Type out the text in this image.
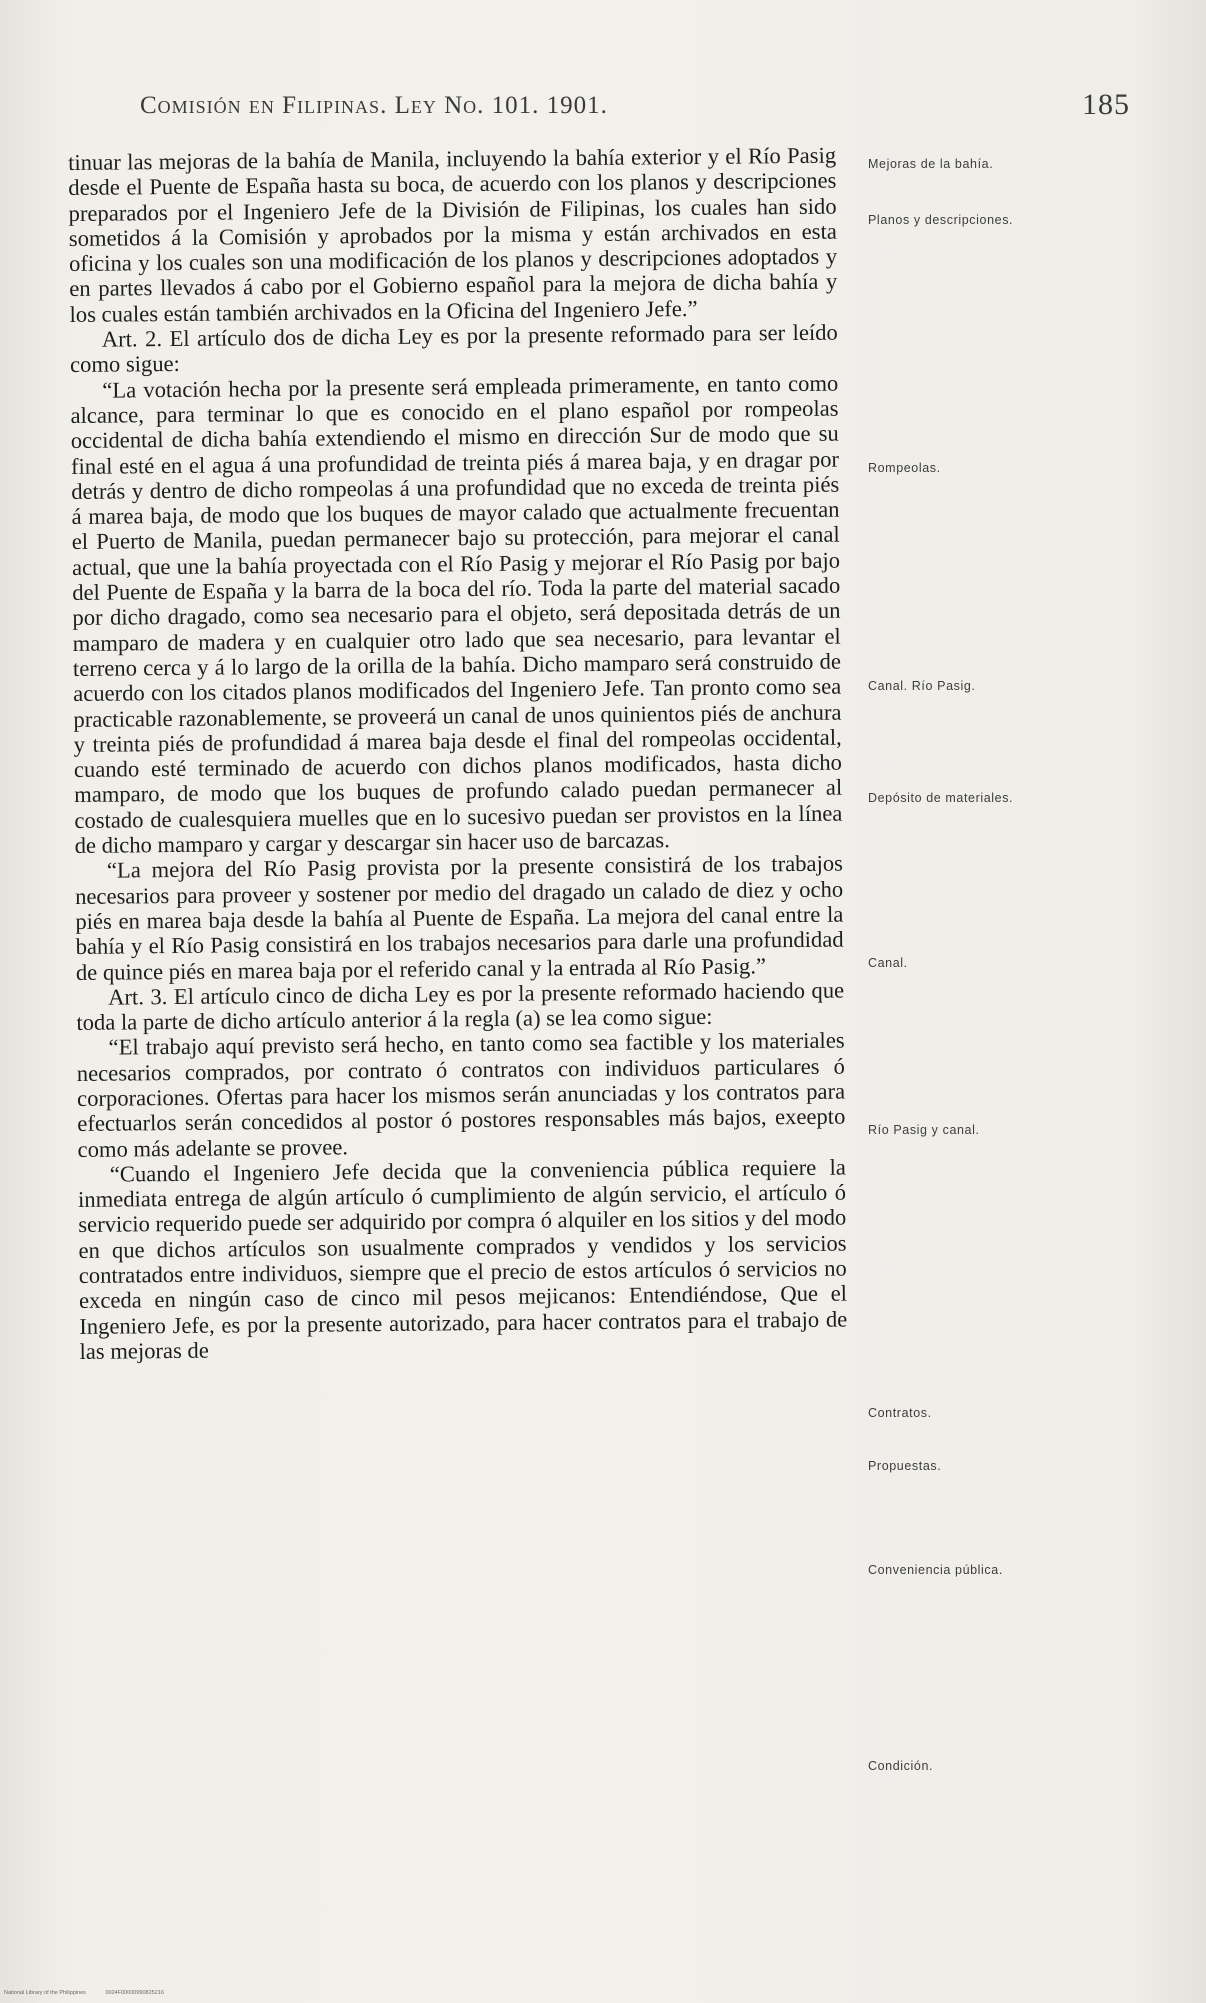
Comisión en Filipinas. Ley No. 101. 1901.	185

tinuar las mejoras de la bahía de Manila, incluyendo la bahía exterior y el Río Pasig desde el Puente de España hasta su boca, de acuerdo con los planos y descripciones preparados por el Ingeniero Jefe de la División de Filipinas, los cuales han sido sometidos á la Comisión y aprobados por la misma y están archivados en esta oficina y los cuales son una modificación de los planos y descripciones adoptados y en partes llevados á cabo por el Gobierno español para la mejora de dicha bahía y los cuales están también archivados en la Oficina del Ingeniero Jefe.”

Art. 2. El artículo dos de dicha Ley es por la presente reformado para ser leído como sigue:

“La votación hecha por la presente será empleada primeramente, en tanto como alcance, para terminar lo que es conocido en el plano español por rompeolas occidental de dicha bahía extendiendo el mismo en dirección Sur de modo que su final esté en el agua á una profundidad de treinta piés á marea baja, y en dragar por detrás y dentro de dicho rompeolas á una profundidad que no exceda de treinta piés á marea baja, de modo que los buques de mayor calado que actualmente frecuentan el Puerto de Manila, puedan permanecer bajo su protección, para mejorar el canal actual, que une la bahía proyectada con el Río Pasig y mejorar el Río Pasig por bajo del Puente de España y la barra de la boca del río. Toda la parte del material sacado por dicho dragado, como sea necesario para el objeto, será depositada detrás de un mamparo de madera y en cualquier otro lado que sea necesario, para levantar el terreno cerca y á lo largo de la orilla de la bahía. Dicho mamparo será construido de acuerdo con los citados planos modificados del Ingeniero Jefe. Tan pronto como sea practicable razonablemente, se proveerá un canal de unos quinientos piés de anchura y treinta piés de profundidad á marea baja desde el final del rompeolas occidental, cuando esté terminado de acuerdo con dichos planos modificados, hasta dicho mamparo, de modo que los buques de profundo calado puedan permanecer al costado de cualesquiera muelles que en lo sucesivo puedan ser provistos en la línea de dicho mamparo y cargar y descargar sin hacer uso de barcazas.

“La mejora del Río Pasig provista por la presente consistirá de los trabajos necesarios para proveer y sostener por medio del dragado un calado de diez y ocho piés en marea baja desde la bahía al Puente de España. La mejora del canal entre la bahía y el Río Pasig consistirá en los trabajos necesarios para darle una profundidad de quince piés en marea baja por el referido canal y la entrada al Río Pasig.”

Art. 3. El artículo cinco de dicha Ley es por la presente reformado haciendo que toda la parte de dicho artículo anterior á la regla (a) se lea como sigue:

“El trabajo aquí previsto será hecho, en tanto como sea factible y los materiales necesarios comprados, por contrato ó contratos con individuos particulares ó corporaciones. Ofertas para hacer los mismos serán anunciadas y los contratos para efectuarlos serán concedidos al postor ó postores responsables más bajos, exeepto como más adelante se provee.

“Cuando el Ingeniero Jefe decida que la conveniencia pública requiere la inmediata entrega de algún artículo ó cumplimiento de algún servicio, el artículo ó servicio requerido puede ser adquirido por compra ó alquiler en los sitios y del modo en que dichos artículos son usualmente comprados y vendidos y los servicios contratados entre individuos, siempre que el precio de estos artículos ó servicios no exceda en ningún caso de cinco mil pesos mejicanos: Entendiéndose, Que el Ingeniero Jefe, es por la presente autorizado, para hacer contratos para el trabajo de las mejoras de

Mejoras de la bahía.
Planos y descripciones.
Rompeolas.
Canal. Río Pasig.
Depósito de materiales.
Canal.
Río Pasig y canal.
Contratos.
Propuestas.
Conveniencia pública.
Condición.
National Library of the Philippines	0024F00000990825216
